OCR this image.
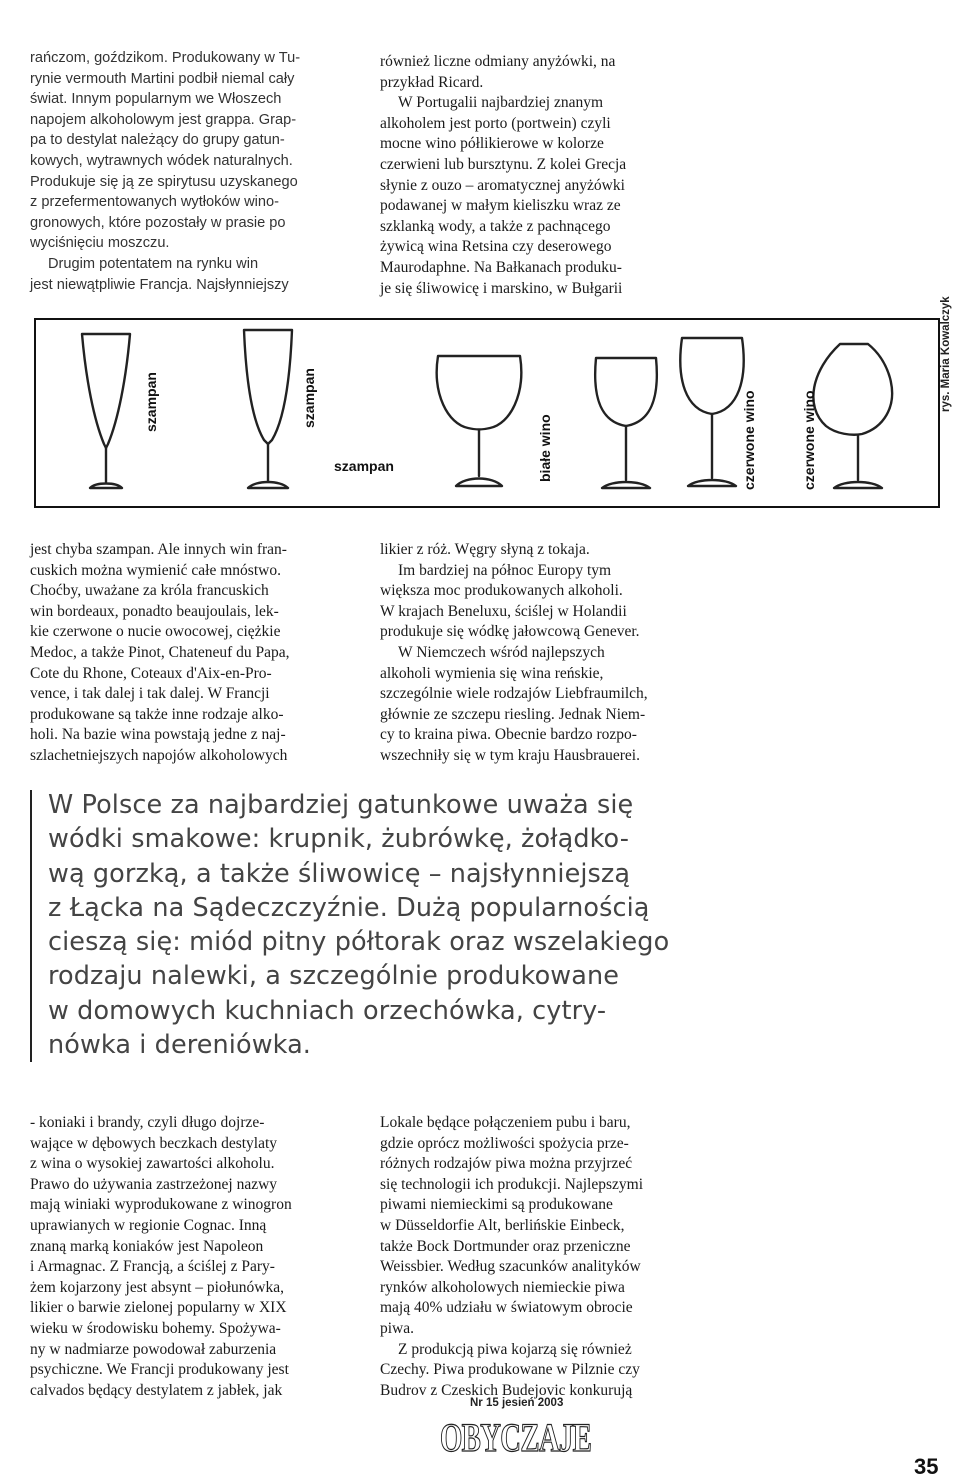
rańczom, goździkom. Produkowany w Tu-

rynie vermouth Martini podbił niemal cały

świat. Innym popularnym we Włoszech

napojem alkoholowym jest grappa. Grap-

pa to destylat należący do grupy gatun-

kowych, wytrawnych wódek naturalnych.

Produkuje się ją ze spirytusu uzyskanego

z przefermentowanych wytłoków wino-

gronowych, które pozostały w prasie po

wyciśnięciu moszczu.

Drugim potentatem na rynku win

jest niewątpliwie Francja. Najsłynniejszy

również liczne odmiany anyżówki, na

przykład Ricard.

W Portugalii najbardziej znanym

alkoholem jest porto (portwein) czyli

mocne wino półlikierowe w kolorze

czerwieni lub bursztynu. Z kolei Grecja

słynie z ouzo – aromatycznej anyżówki

podawanej w małym kieliszku wraz ze

szklanką wody, a także z pachnącego

żywicą wina Retsina czy deserowego

Maurodaphne. Na Bałkanach produku-

je się śliwowicę i marskino, w Bułgarii

szampan	szampan
szampan	białe wino	czerwone wino	czerwone wino
rys. Maria Kowalczyk

jest chyba szampan. Ale innych win fran-

cuskich można wymienić całe mnóstwo.

Choćby, uważane za króla francuskich

win bordeaux, ponadto beaujoulais, lek-

kie czerwone o nucie owocowej, ciężkie

Medoc, a także Pinot, Chateneuf du Papa,

Cote du Rhone, Coteaux d'Aix-en-Pro-

vence, i tak dalej i tak dalej. W Francji

produkowane są także inne rodzaje alko-

holi. Na bazie wina powstają jedne z naj-

szlachetniejszych napojów alkoholowych

likier z róż. Węgry słyną z tokaja.

Im bardziej na północ Europy tym

większa moc produkowanych alkoholi.

W krajach Beneluxu, ściślej w Holandii

produkuje się wódkę jałowcową Genever.

W Niemczech wśród najlepszych

alkoholi wymienia się wina reńskie,

szczególnie wiele rodzajów Liebfraumilch,

głównie ze szczepu riesling. Jednak Niem-

cy to kraina piwa. Obecnie bardzo rozpo-

wszechniły się w tym kraju Hausbrauerei.

W Polsce za najbardziej gatunkowe uważa się
wódki smakowe: krupnik, żubrówkę, żołądko-
wą gorzką, a także śliwowicę – najsłynniejszą
z Łącka na Sądeczczyźnie. Dużą popularnością
cieszą się: miód pitny półtorak oraz wszelakiego
rodzaju nalewki, a szczególnie produkowane
w domowych kuchniach orzechówka, cytry-
nówka i dereniówka.

- koniaki i brandy, czyli długo dojrze-

wające w dębowych beczkach destylaty

z wina o wysokiej zawartości alkoholu.

Prawo do używania zastrzeżonej nazwy

mają winiaki wyprodukowane z winogron

uprawianych w regionie Cognac. Inną

znaną marką koniaków jest Napoleon

i Armagnac. Z Francją, a ściślej z Pary-

żem kojarzony jest absynt – piołunówka,

likier o barwie zielonej popularny w XIX

wieku w środowisku bohemy. Spożywa-

ny w nadmiarze powodował zaburzenia

psychiczne. We Francji produkowany jest

calvados będący destylatem z jabłek, jak

Lokale będące połączeniem pubu i baru,

gdzie oprócz możliwości spożycia prze-

różnych rodzajów piwa można przyjrzeć

się technologii ich produkcji. Najlepszymi

piwami niemieckimi są produkowane

w Düsseldorfie Alt, berlińskie Einbeck,

także Bock Dortmunder oraz przeniczne

Weissbier. Według szacunków analityków

rynków alkoholowych niemieckie piwa

mają 40% udziału w światowym obrocie

piwa.

Z produkcją piwa kojarzą się również

Czechy. Piwa produkowane w Pilznie czy

Budrov z Czeskich Budejovic konkurują

Nr 15 jesień 2003
OBYCZAJE
35
